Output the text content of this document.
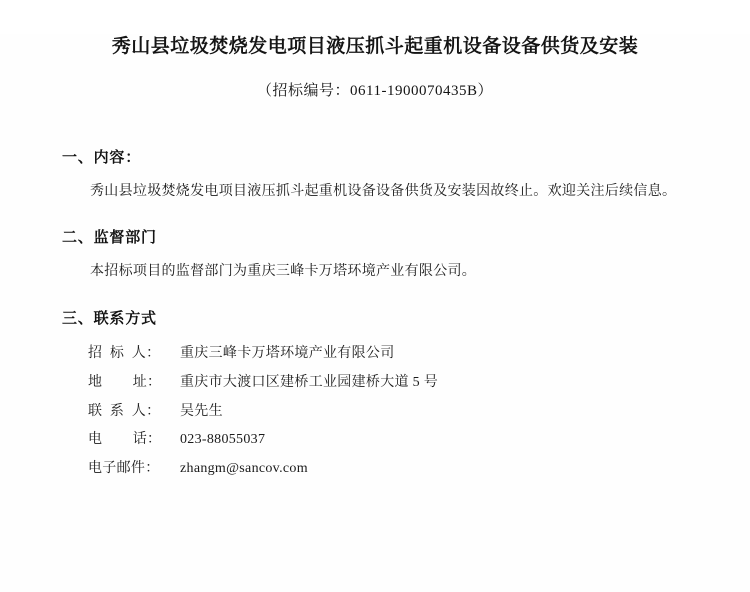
秀山县垃圾焚烧发电项目液压抓斗起重机设备设备供货及安装
（招标编号：0611-1900070435B）
一、内容：

秀山县垃圾焚烧发电项目液压抓斗起重机设备设备供货及安装因故终止。欢迎关注后续信息。

二、监督部门

本招标项目的监督部门为重庆三峰卡万塔环境产业有限公司。

三、联系方式
招  标  人：	重庆三峰卡万塔环境产业有限公司
地        址：	重庆市大渡口区建桥工业园建桥大道 5 号
联  系  人：	吴先生
电        话：	023-88055037
电子邮件：	zhangm@sancov.com
